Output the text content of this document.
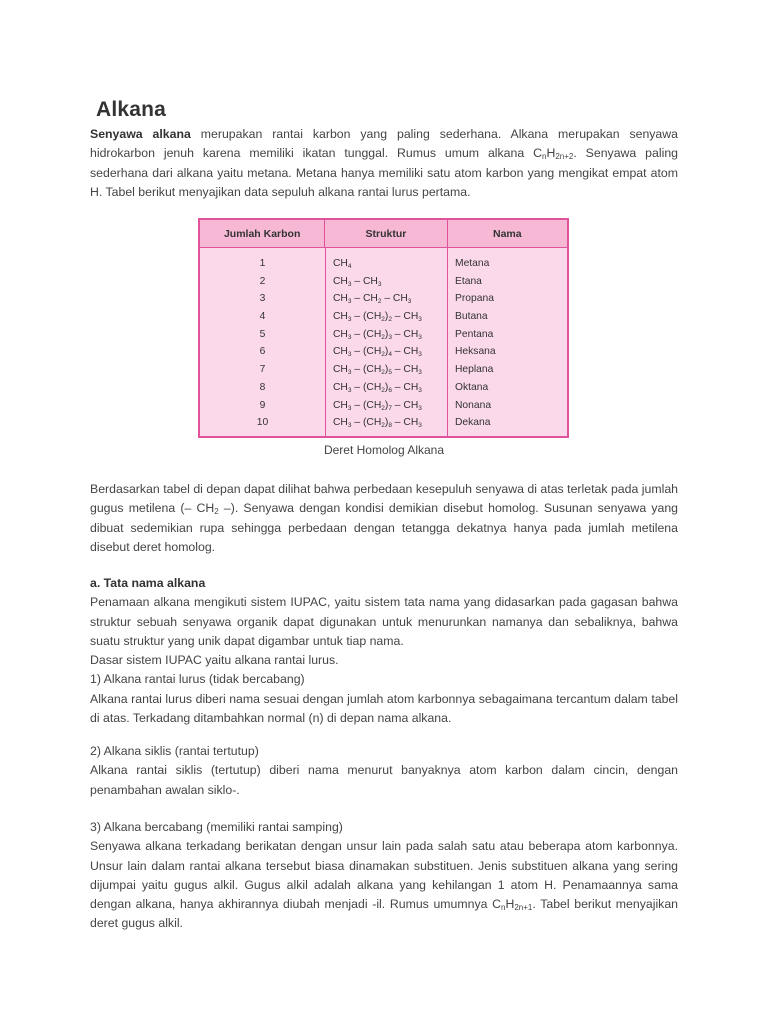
Alkana

Senyawa alkana merupakan rantai karbon yang paling sederhana. Alkana merupakan senyawa hidrokarbon jenuh karena memiliki ikatan tunggal. Rumus umum alkana $C_nH_{2n+2}$. Senyawa paling sederhana dari alkana yaitu metana. Metana hanya memiliki satu atom karbon yang mengikat empat atom H. Tabel berikut menyajikan data sepuluh alkana rantai lurus pertama.

Jumlah Karbon	Struktur	Nama
1
2
3
4
5
6
7
8
9
10
$CH_4$
$CH_3 - CH_3$
$CH_3 - CH_2 - CH_3$
$CH_3 - (CH_2)_2 - CH_3$
$CH_3 - (CH_2)_3 - CH_3$
$CH_3 - (CH_2)_4 - CH_3$
$CH_3 - (CH_2)_5 - CH_3$
$CH_3 - (CH_2)_6 - CH_3$
$CH_3 - (CH_2)_7 - CH_3$
$CH_3 - (CH_2)_8 - CH_3$
Metana
Etana
Propana
Butana
Pentana
Heksana
Heplana
Oktana
Nonana
Dekana
Deret Homolog Alkana

Berdasarkan tabel di depan dapat dilihat bahwa perbedaan kesepuluh senyawa di atas terletak pada jumlah gugus metilena (– $CH_2$ –). Senyawa dengan kondisi demikian disebut homolog. Susunan senyawa yang dibuat sedemikian rupa sehingga perbedaan dengan tetangga dekatnya hanya pada jumlah metilena disebut deret homolog.

a. Tata nama alkana
Penamaan alkana mengikuti sistem IUPAC, yaitu sistem tata nama yang didasarkan pada gagasan bahwa struktur sebuah senyawa organik dapat digunakan untuk menurunkan namanya dan sebaliknya, bahwa suatu struktur yang unik dapat digambar untuk tiap nama.
Dasar sistem IUPAC yaitu alkana rantai lurus.
1) Alkana rantai lurus (tidak bercabang)
Alkana rantai lurus diberi nama sesuai dengan jumlah atom karbonnya sebagaimana tercantum dalam tabel di atas. Terkadang ditambahkan normal (n) di depan nama alkana.

2) Alkana siklis (rantai tertutup)
Alkana rantai siklis (tertutup) diberi nama menurut banyaknya atom karbon dalam cincin, dengan penambahan awalan siklo-.

3) Alkana bercabang (memiliki rantai samping)
Senyawa alkana terkadang berikatan dengan unsur lain pada salah satu atau beberapa atom karbonnya. Unsur lain dalam rantai alkana tersebut biasa dinamakan substituen. Jenis substituen alkana yang sering dijumpai yaitu gugus alkil. Gugus alkil adalah alkana yang kehilangan 1 atom H. Penamaannya sama dengan alkana, hanya akhirannya diubah menjadi -il. Rumus umumnya $C_nH_{2n+1}$. Tabel berikut menyajikan deret gugus alkil.
